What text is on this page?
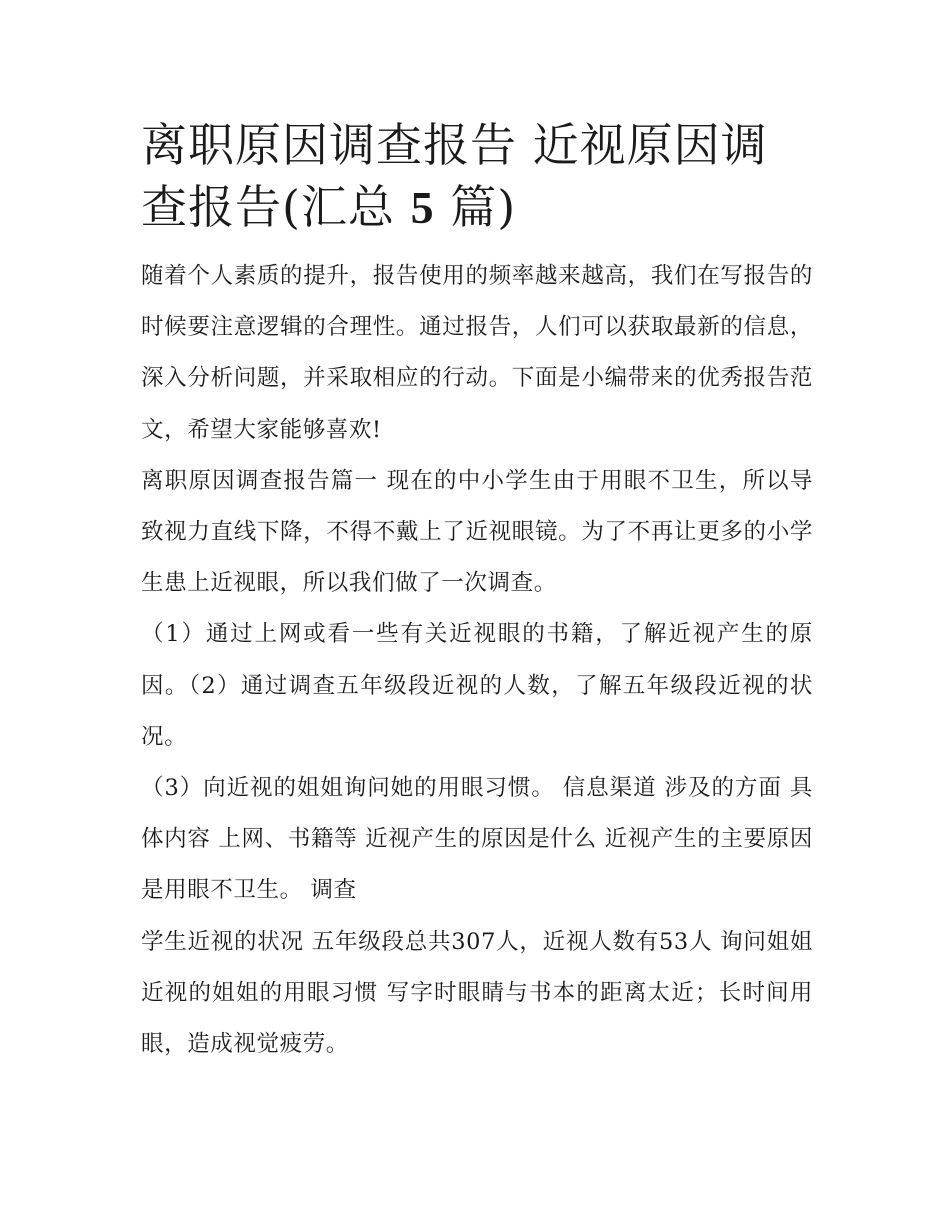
离职原因调查报告 近视原因调查报告(汇总 5 篇)

随着个人素质的提升，报告使用的频率越来越高，我们在写报告的时候要注意逻辑的合理性。通过报告，人们可以获取最新的信息，深入分析问题，并采取相应的行动。下面是小编带来的优秀报告范文，希望大家能够喜欢!

离职原因调查报告篇一 现在的中小学生由于用眼不卫生，所以导致视力直线下降，不得不戴上了近视眼镜。为了不再让更多的小学生患上近视眼，所以我们做了一次调查。

（1）通过上网或看一些有关近视眼的书籍，了解近视产生的原因。（2）通过调查五年级段近视的人数，了解五年级段近视的状况。

（3）向近视的姐姐询问她的用眼习惯。 信息渠道 涉及的方面 具体内容 上网、书籍等 近视产生的原因是什么 近视产生的主要原因是用眼不卫生。 调查

学生近视的状况 五年级段总共307人，近视人数有53人 询问姐姐 近视的姐姐的用眼习惯 写字时眼睛与书本的距离太近；长时间用眼，造成视觉疲劳。
